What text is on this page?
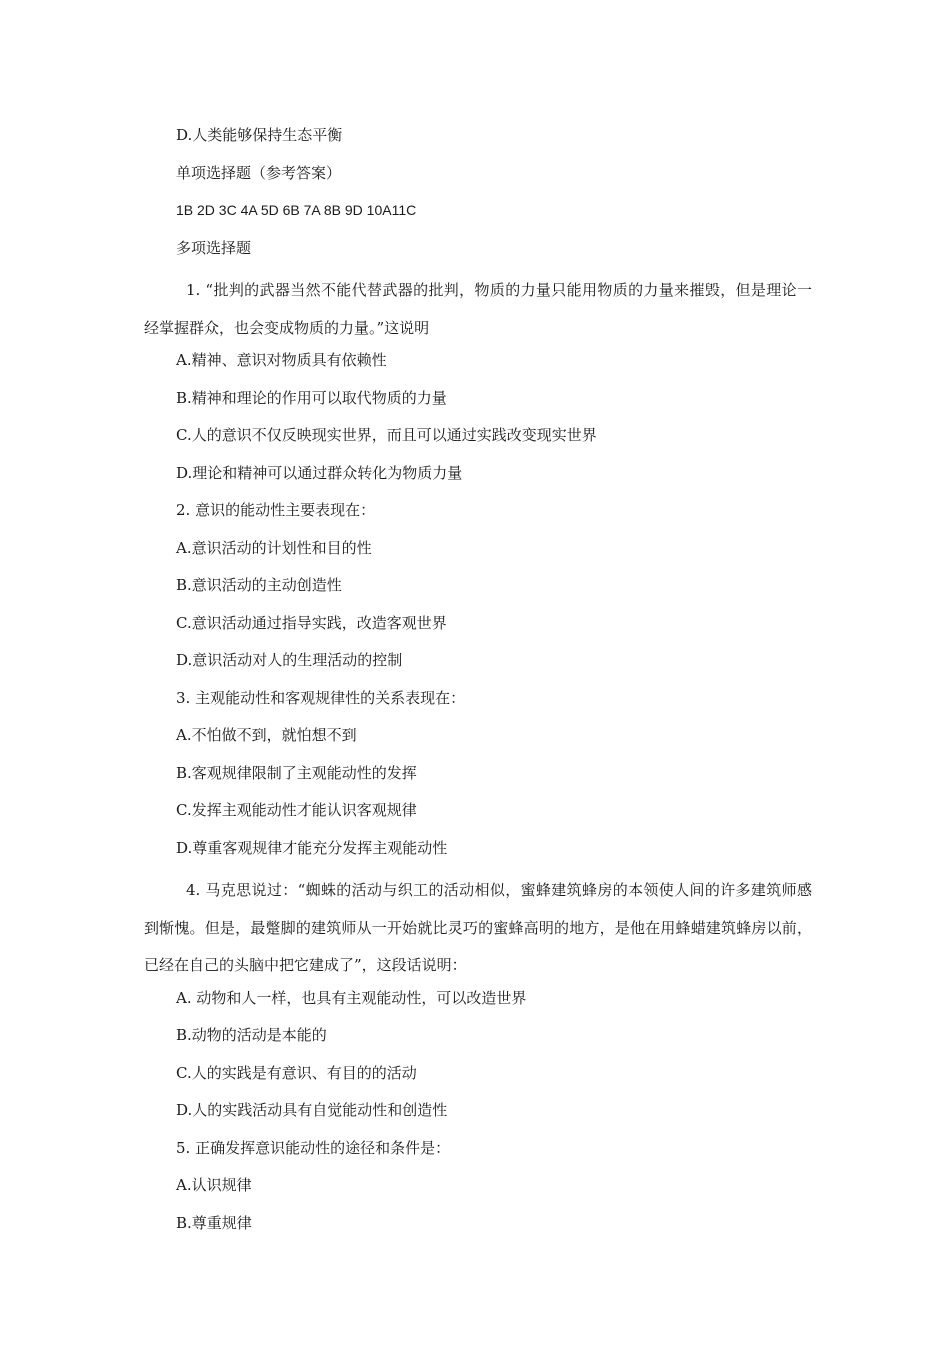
D.人类能够保持生态平衡
单项选择题（参考答案）
1B 2D 3C 4A 5D 6B 7A 8B 9D 10A11C
多项选择题
1. “批判的武器当然不能代替武器的批判，物质的力量只能用物质的力量来摧毁，但是理论一经掌握群众，也会变成物质的力量。”这说明
A.精神、意识对物质具有依赖性
B.精神和理论的作用可以取代物质的力量
C.人的意识不仅反映现实世界，而且可以通过实践改变现实世界
D.理论和精神可以通过群众转化为物质力量
2. 意识的能动性主要表现在：
A.意识活动的计划性和目的性
B.意识活动的主动创造性
C.意识活动通过指导实践，改造客观世界
D.意识活动对人的生理活动的控制
3. 主观能动性和客观规律性的关系表现在：
A.不怕做不到，就怕想不到
B.客观规律限制了主观能动性的发挥
C.发挥主观能动性才能认识客观规律
D.尊重客观规律才能充分发挥主观能动性
4. 马克思说过：“蜘蛛的活动与织工的活动相似，蜜蜂建筑蜂房的本领使人间的许多建筑师感到惭愧。但是，最蹩脚的建筑师从一开始就比灵巧的蜜蜂高明的地方，是他在用蜂蜡建筑蜂房以前，已经在自己的头脑中把它建成了”，这段话说明：
A. 动物和人一样，也具有主观能动性，可以改造世界
B.动物的活动是本能的
C.人的实践是有意识、有目的的活动
D.人的实践活动具有自觉能动性和创造性
5. 正确发挥意识能动性的途径和条件是：
A.认识规律
B.尊重规律
